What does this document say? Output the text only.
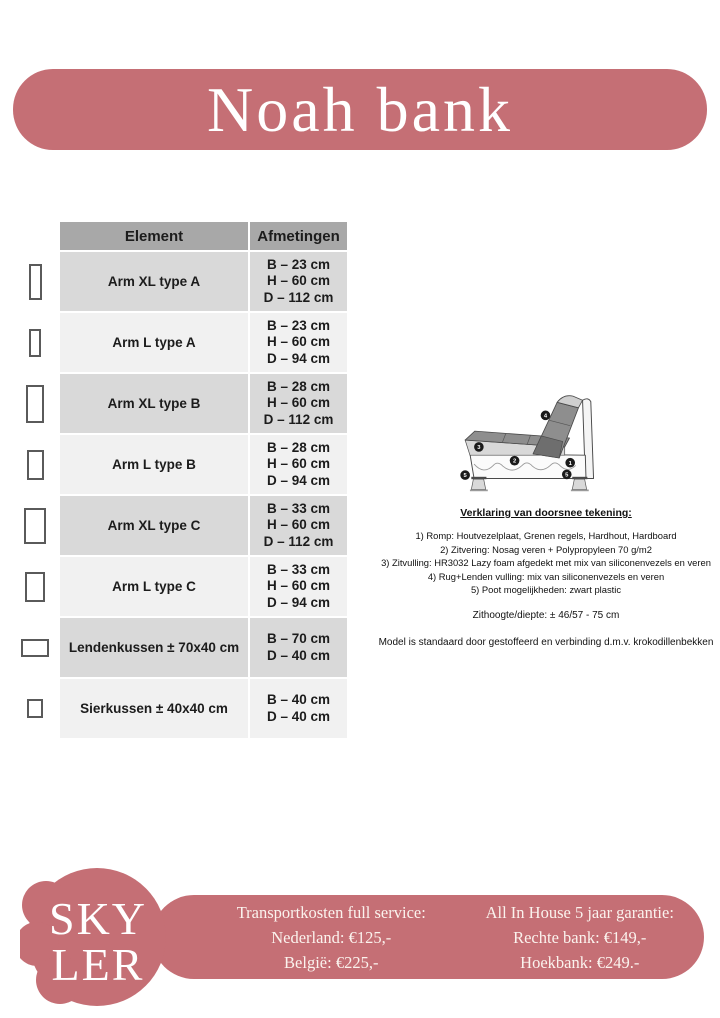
Noah bank
Element	Afmetingen
Arm XL type A
B – 23 cm
H – 60 cm
D – 112 cm
Arm L type A
B – 23 cm
H – 60 cm
D – 94 cm
Arm XL type B
B – 28 cm
H – 60 cm
D – 112 cm
Arm L type B
B – 28 cm
H – 60 cm
D – 94 cm
Arm XL type C
B – 33 cm
H – 60 cm
D – 112 cm
Arm L type C
B – 33 cm
H – 60 cm
D – 94 cm
Lendenkussen ± 70x40 cm
B – 70 cm
D – 40 cm
Sierkussen ± 40x40 cm
B – 40 cm
D – 40 cm
1
2
3
4
5	5
Verklaring van doorsnee tekening:
1) Romp: Houtvezelplaat, Grenen regels, Hardhout, Hardboard
2) Zitvering: Nosag veren + Polypropyleen 70 g/m2
3) Zitvulling: HR3032 Lazy foam afgedekt met mix van siliconenvezels en veren
4) Rug+Lenden vulling: mix van siliconenvezels en veren
5) Poot mogelijkheden: zwart plastic
Zithoogte/diepte: ± 46/57 - 75 cm
Model is standaard door gestoffeerd en verbinding d.m.v. krokodillenbekken
Transportkosten full service:
Nederland: €125,-
België: €225,-
All In House 5 jaar garantie:
Rechte bank: €149,-
Hoekbank: €249.-
SKY
LER
